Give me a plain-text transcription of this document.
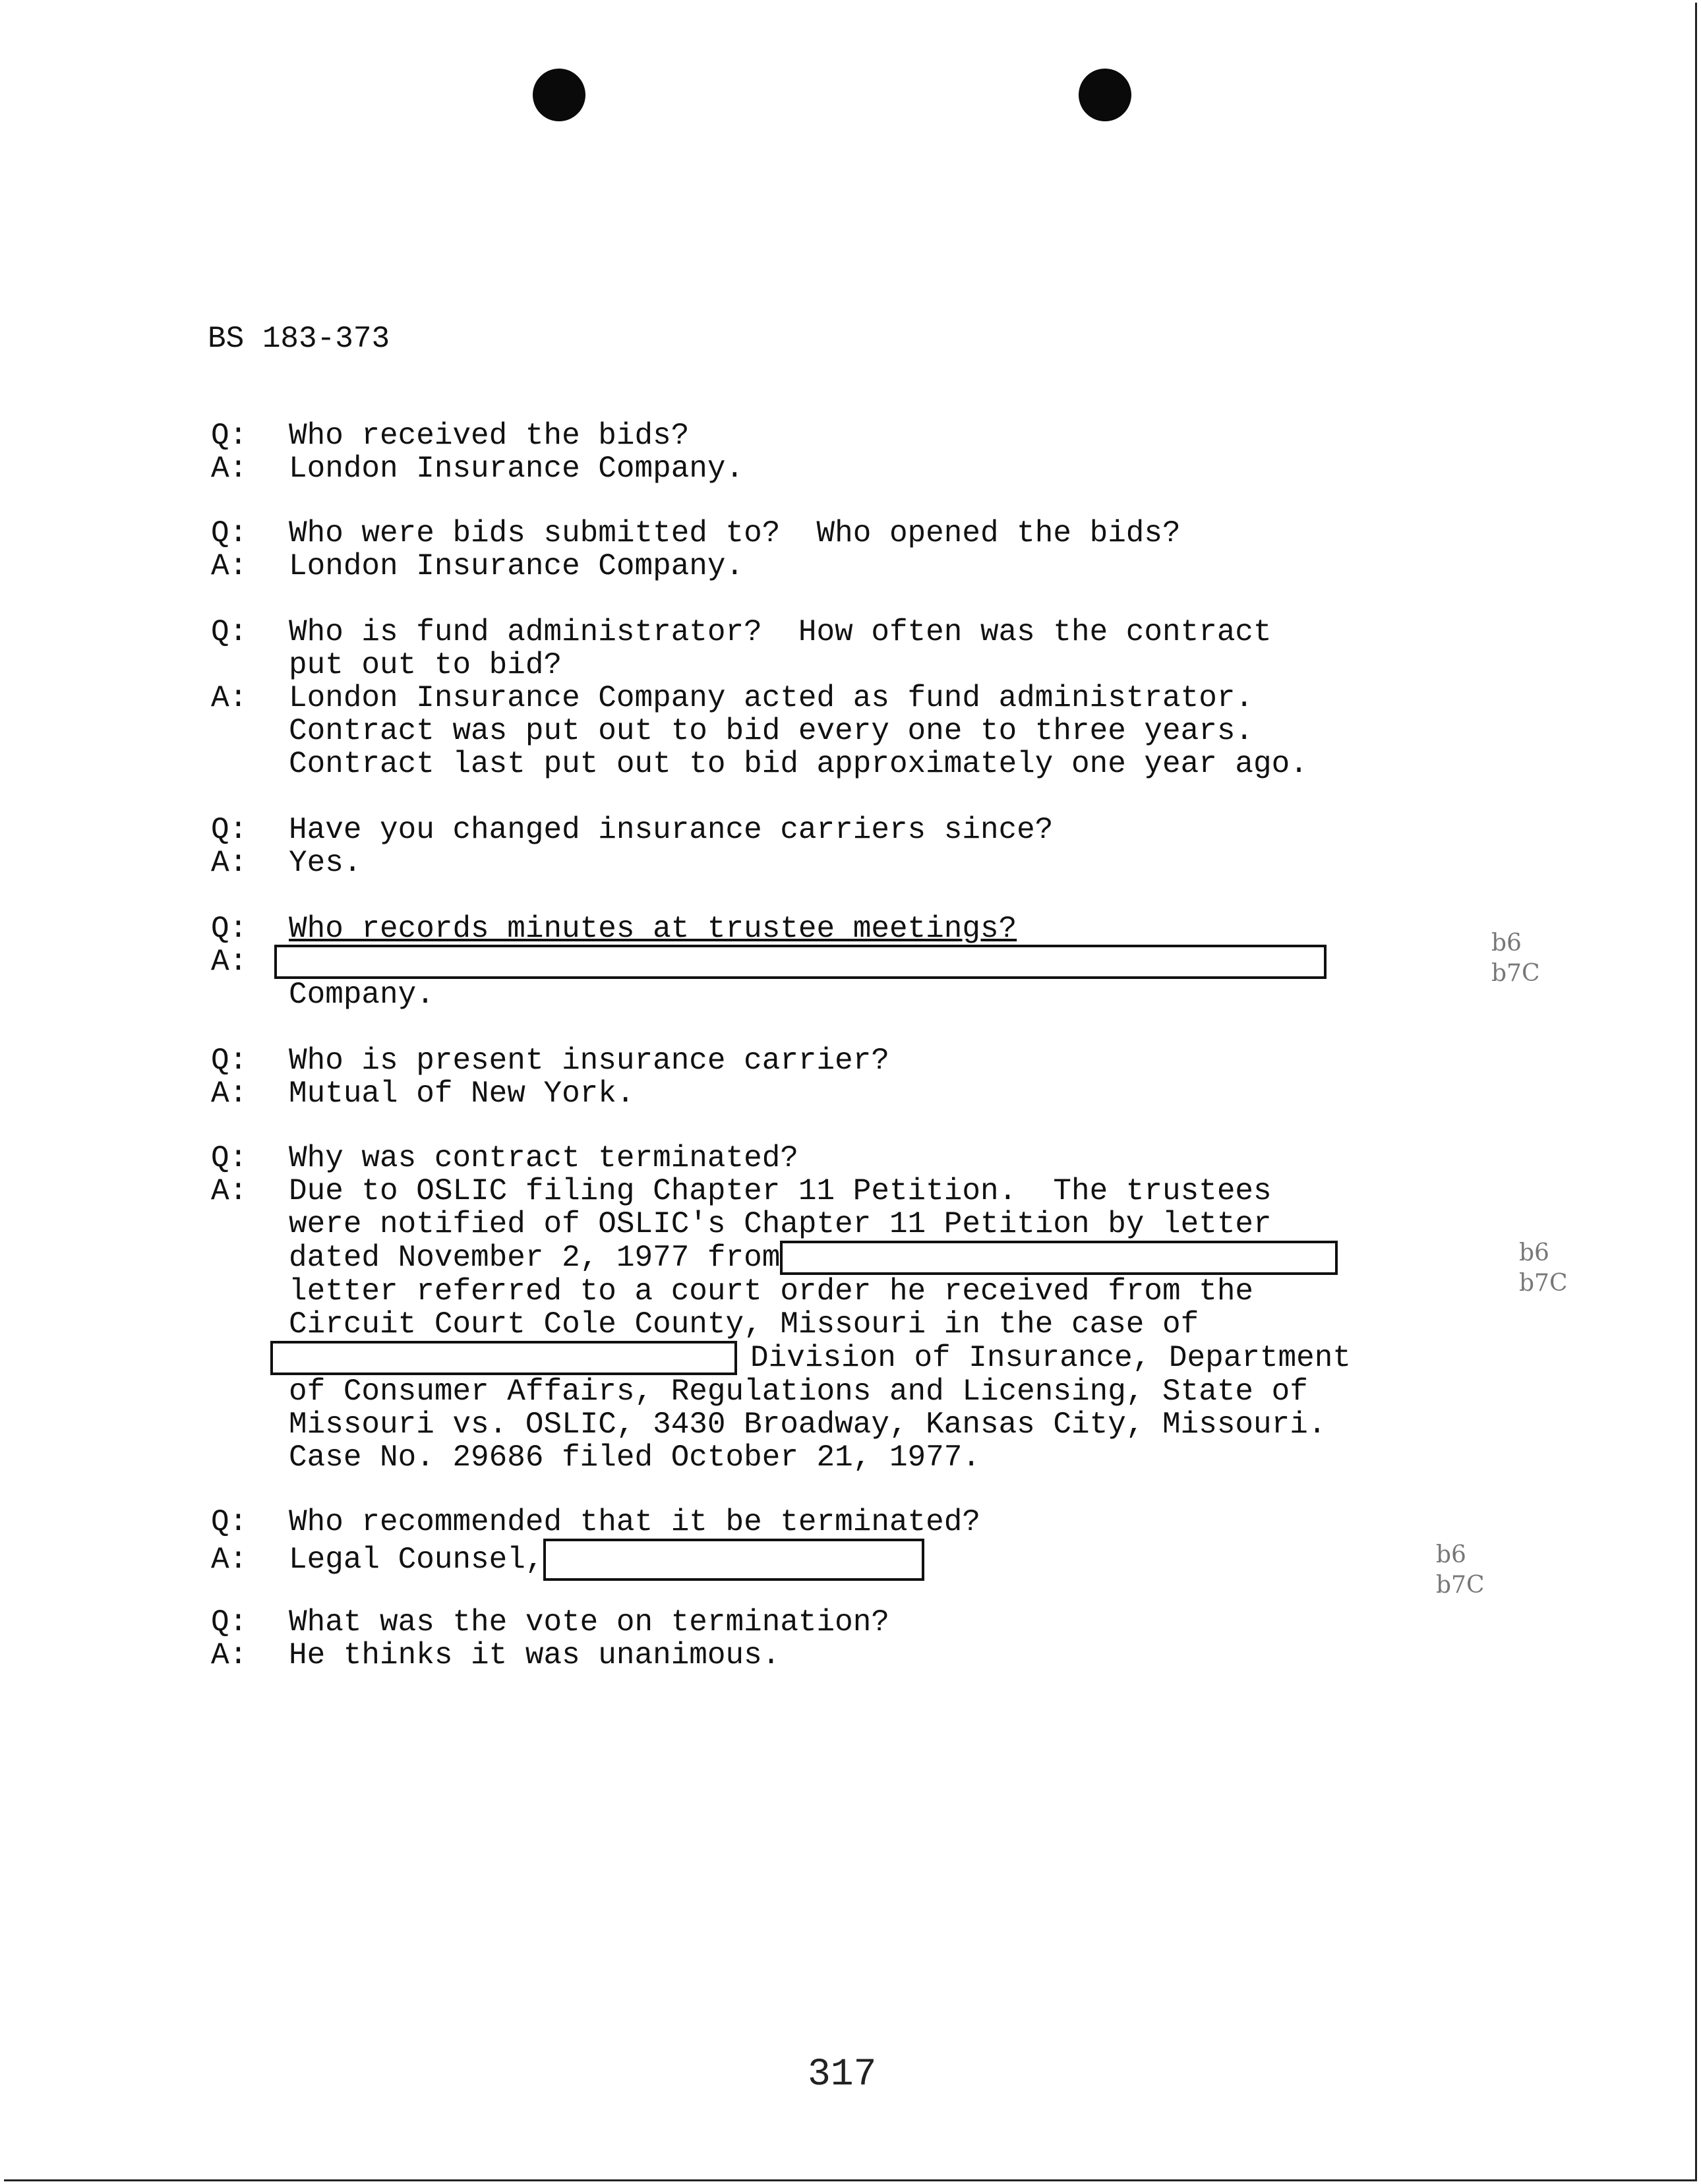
BS 183-373
Q:	Who received the bids?
A:	London Insurance Company.
Q:	Who were bids submitted to?  Who opened the bids?
A:	London Insurance Company.
Q:	Who is fund administrator?  How often was the contract
put out to bid?
A:	London Insurance Company acted as fund administrator.
Contract was put out to bid every one to three years.
Contract last put out to bid approximately one year ago.
Q:	Have you changed insurance carriers since?
A:	Yes.
Q:	Who records minutes at trustee meetings?
A:
Company.
b6
b7C
Q:	Who is present insurance carrier?
A:	Mutual of New York.
Q:	Why was contract terminated?
A:	Due to OSLIC filing Chapter 11 Petition.  The trustees
were notified of OSLIC's Chapter 11 Petition by letter
dated November 2, 1977 from
letter referred to a court order he received from the
Circuit Court Cole County, Missouri in the case of
Division of Insurance, Department
of Consumer Affairs, Regulations and Licensing, State of
Missouri vs. OSLIC, 3430 Broadway, Kansas City, Missouri.
Case No. 29686 filed October 21, 1977.
b6
b7C
Q:	Who recommended that it be terminated?
A:	Legal Counsel,	b6
b7C
Q:	What was the vote on termination?
A:	He thinks it was unanimous.
317
